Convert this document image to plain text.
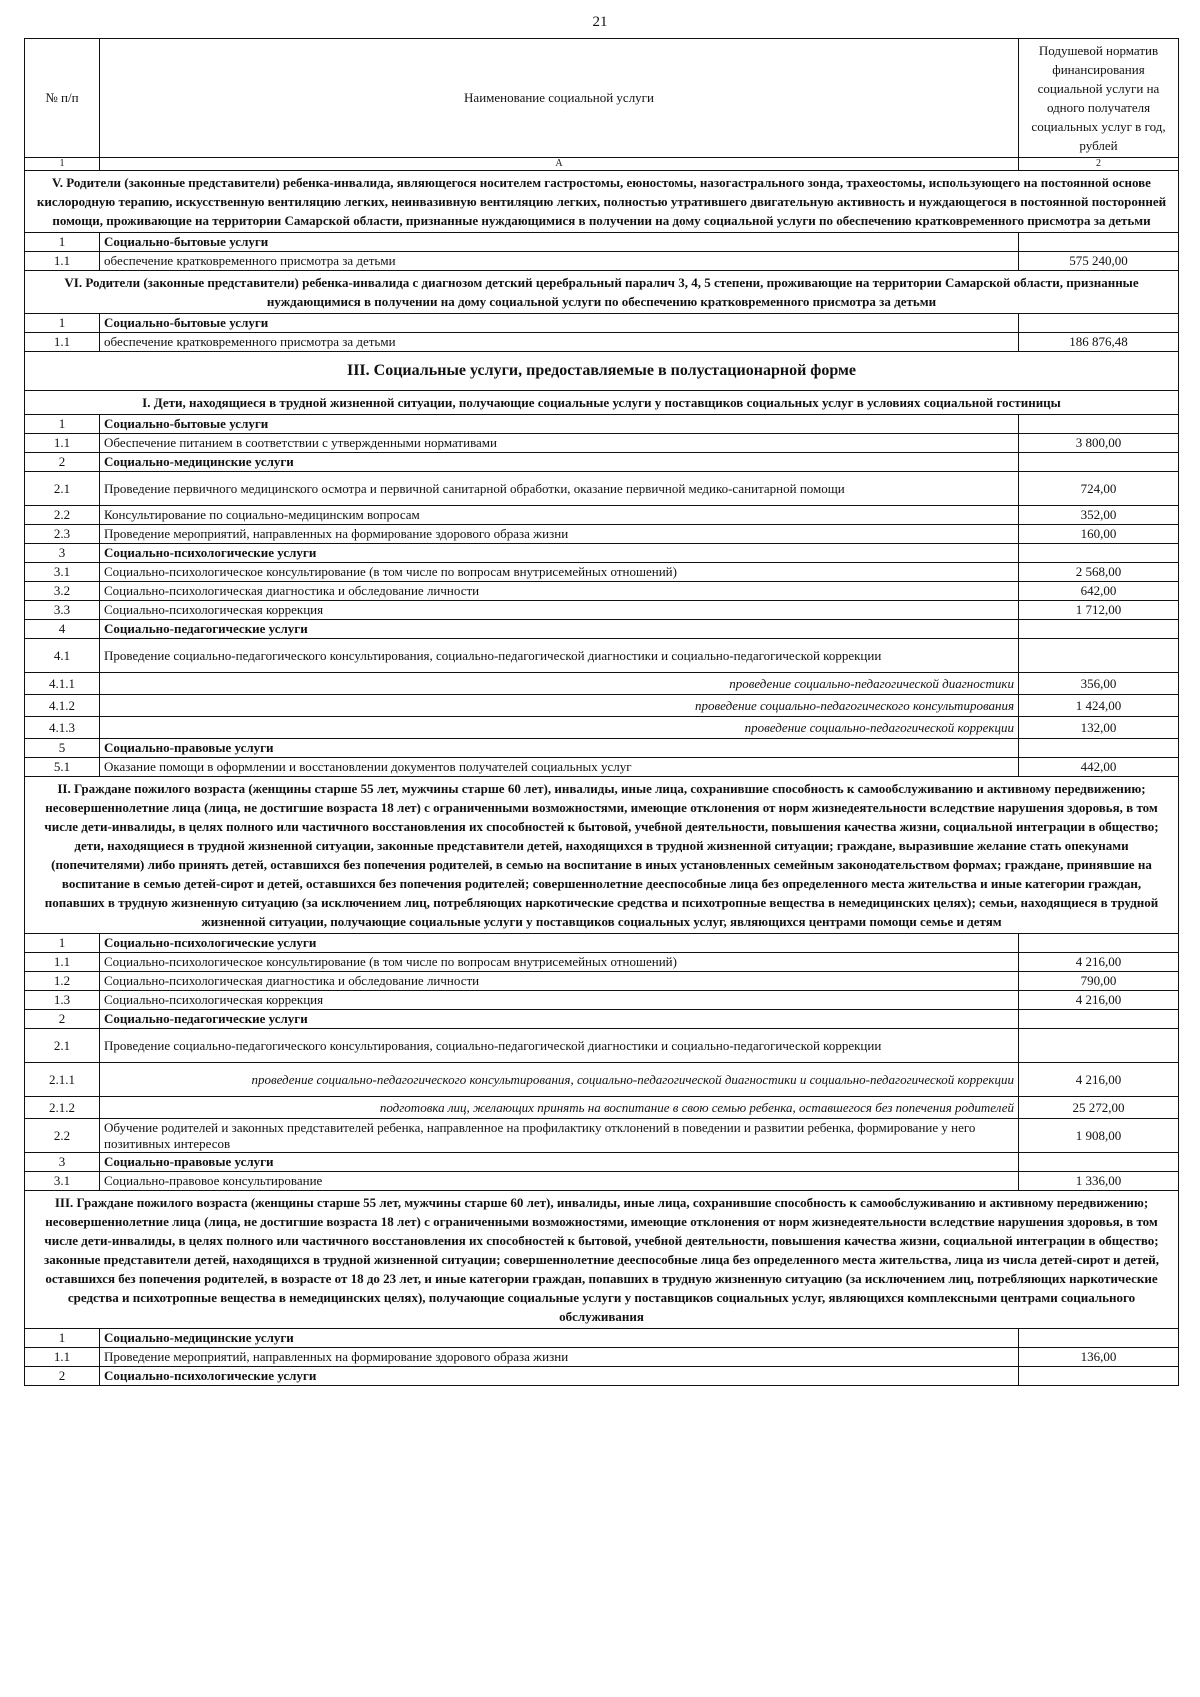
21
№ п/п	Наименование социальной услуги	Подушевой норматив финансирования социальной услуги на одного получателя социальных услуг в год, рублей
1	А	2
V. Родители (законные представители) ребенка-инвалида, являющегося носителем гастростомы, еюностомы, назогастрального зонда, трахеостомы, использующего на постоянной основе кислородную терапию, искусственную вентиляцию легких, неинвазивную вентиляцию легких, полностью утратившего двигательную активность и нуждающегося в постоянной посторонней помощи, проживающие на территории Самарской области, признанные нуждающимися в получении на дому социальной услуги по обеспечению кратковременного присмотра за детьми		
1	Социально-бытовые услуги	
1.1	обеспечение кратковременного присмотра за детьми	575 240,00
VI. Родители (законные представители) ребенка-инвалида с диагнозом детский церебральный паралич 3, 4, 5 степени, проживающие на территории Самарской области, признанные нуждающимися в получении на дому социальной услуги по обеспечению кратковременного присмотра за детьми		
1	Социально-бытовые услуги	
1.1	обеспечение кратковременного присмотра за детьми	186 876,48
III. Социальные услуги, предоставляемые в полустационарной форме		
I. Дети, находящиеся в трудной жизненной ситуации, получающие социальные услуги у поставщиков социальных услуг в условиях социальной гостиницы		
1	Социально-бытовые услуги	
1.1	Обеспечение питанием в соответствии с утвержденными нормативами	3 800,00
2	Социально-медицинские услуги	
2.1	Проведение первичного медицинского осмотра и первичной санитарной обработки, оказание первичной медико-санитарной помощи	724,00
2.2	Консультирование по социально-медицинским вопросам	352,00
2.3	Проведение мероприятий, направленных на формирование здорового образа жизни	160,00
3	Социально-психологические услуги	
3.1	Социально-психологическое консультирование (в том числе по вопросам внутрисемейных отношений)	2 568,00
3.2	Социально-психологическая диагностика и обследование личности	642,00
3.3	Социально-психологическая коррекция	1 712,00
4	Социально-педагогические услуги	
4.1	Проведение социально-педагогического консультирования, социально-педагогической диагностики и социально-педагогической коррекции	
4.1.1	проведение социально-педагогической диагностики	356,00
4.1.2	проведение социально-педагогического консультирования	1 424,00
4.1.3	проведение социально-педагогической коррекции	132,00
5	Социально-правовые услуги	
5.1	Оказание помощи в оформлении и восстановлении документов получателей социальных услуг	442,00
II. Граждане пожилого возраста (женщины старше 55 лет, мужчины старше 60 лет), инвалиды, иные лица, сохранившие способность к самообслуживанию и активному передвижению; несовершеннолетние лица (лица, не достигшие возраста 18 лет) с ограниченными возможностями, имеющие отклонения от норм жизнедеятельности вследствие нарушения здоровья, в том числе дети-инвалиды, в целях полного или частичного восстановления их способностей к бытовой, учебной деятельности, повышения качества жизни, социальной интеграции в общество; дети, находящиеся в трудной жизненной ситуации, законные представители детей, находящихся в трудной жизненной ситуации; граждане, выразившие желание стать опекунами (попечителями) либо принять детей, оставшихся без попечения родителей, в семью на воспитание в иных установленных семейным законодательством формах; граждане, принявшие на воспитание в семью детей-сирот и детей, оставшихся без попечения родителей; совершеннолетние дееспособные лица без определенного места жительства и иные категории граждан, попавших в трудную жизненную ситуацию (за исключением лиц, потребляющих наркотические средства и психотропные вещества в немедицинских целях); семьи, находящиеся в трудной жизненной ситуации, получающие социальные услуги у поставщиков социальных услуг, являющихся центрами помощи семье и детям		
1	Социально-психологические услуги	
1.1	Социально-психологическое консультирование (в том числе по вопросам внутрисемейных отношений)	4 216,00
1.2	Социально-психологическая диагностика и обследование личности	790,00
1.3	Социально-психологическая коррекция	4 216,00
2	Социально-педагогические услуги	
2.1	Проведение социально-педагогического консультирования, социально-педагогической диагностики и социально-педагогической коррекции	
2.1.1	проведение социально-педагогического консультирования, социально-педагогической диагностики и социально-педагогической коррекции	4 216,00
2.1.2	подготовка лиц, желающих принять на воспитание в свою семью ребенка, оставшегося без попечения родителей	25 272,00
2.2	Обучение родителей и законных представителей ребенка, направленное на профилактику отклонений в поведении и развитии ребенка, формирование у него позитивных интересов	1 908,00
3	Социально-правовые услуги	
3.1	Социально-правовое консультирование	1 336,00
III. Граждане пожилого возраста (женщины старше 55 лет, мужчины старше 60 лет), инвалиды, иные лица, сохранившие способность к самообслуживанию и активному передвижению; несовершеннолетние лица (лица, не достигшие возраста 18 лет) с ограниченными возможностями, имеющие отклонения от норм жизнедеятельности вследствие нарушения здоровья, в том числе дети-инвалиды, в целях полного или частичного восстановления их способностей к бытовой, учебной деятельности, повышения качества жизни, социальной интеграции в общество; законные представители детей, находящихся в трудной жизненной ситуации; совершеннолетние дееспособные лица без определенного места жительства, лица из числа детей-сирот и детей, оставшихся без попечения родителей, в возрасте от 18 до 23 лет, и иные категории граждан, попавших в трудную жизненную ситуацию (за исключением лиц, потребляющих наркотические средства и психотропные вещества в немедицинских целях), получающие социальные услуги у поставщиков социальных услуг, являющихся комплексными центрами социального обслуживания		
1	Социально-медицинские услуги	
1.1	Проведение мероприятий, направленных на формирование здорового образа жизни	136,00
2	Социально-психологические услуги	
